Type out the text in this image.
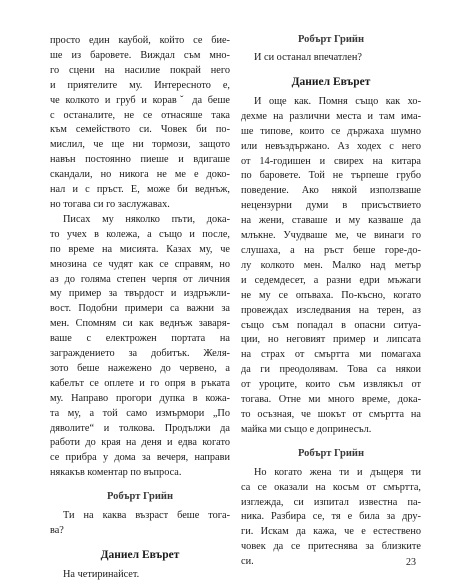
просто един каубой, който се бие-
ше из бароветe. Виждал съм мно-
го сцени на насилие покрай него
и приятелите му. Интересното е,
че колкото и груб и коравˇ да беше
с останалите, не се отнасяше така
към семейството си. Човек би по-
мислил, че ще ни тормози, защото
навън постоянно пиеше и вдигаше
скандали, но никога не ме е доко-
нал и с пръст. Е, може би веднъж,
но тогава си го заслужавах.

Писах му няколко пъти, дока-
то учех в колежа, а също и после,
по време на мисията. Казах му, че
мнозина се чудят как се справям, но
аз до голяма степен черпя от личния
му пример за твърдост и издръжли-
вост. Подобни примери са важни за
мен. Спомням си как веднъж заваря-
ваше с електрожен портата на
заграждението за добитък. Желя-
зото беше нажежено до червено, а
кабелът се оплете и го опря в ръката
му. Направо прогори дупка в кожа-
та му, а той само измърмори „По
дяволите“ и толкова. Продължи да
работи до края на деня и едва когато
се прибра у дома за вечеря, направи
някакъв коментар по въпроса.

Робърт Грийн

Ти на каква възраст беше тога-
ва?

Даниел Евърет

На четиринайсет.

Робърт Грийн

И си останал впечатлен?

Даниел Евърет

И още как. Помня също как хо-
дехме на различни места и там има-
ше типове, които се държаха шумно
или невъздържано. Аз ходех с него
от 14-годишен и свирех на китара
по бароветe. Той не търпеше грубо
поведение. Ако някой използваше
нецензурни думи в присъствието
на жени, ставаше и му казваше да
млъкне. Учудваше ме, че винаги го
слушаха, а на ръст беше горе-до-
лу колкото мен. Малко над метър
и седемдесет, а разни едри мъжаги
не му се опъваха. По-късно, когато
провеждах изследвания на терен, аз
също съм попадал в опасни ситуа-
ции, но неговият пример и липсата
на страх от смъртта ми помагаха
да ги преодолявам. Това са някои
от уроците, които съм извлякъл от
тогава. Отне ми много време, дока-
то осъзная, че шокът от смъртта на
майка ми също е допринесъл.

Робърт Грийн

Но когато жена ти и дъщеря ти
са се оказали на косъм от смъртта,
изглежда, си изпитал известна па-
ника. Разбира се, тя е била за дру-
ги. Искам да кажа, че е естествено
човек да се притеснява за близките
си.	23
